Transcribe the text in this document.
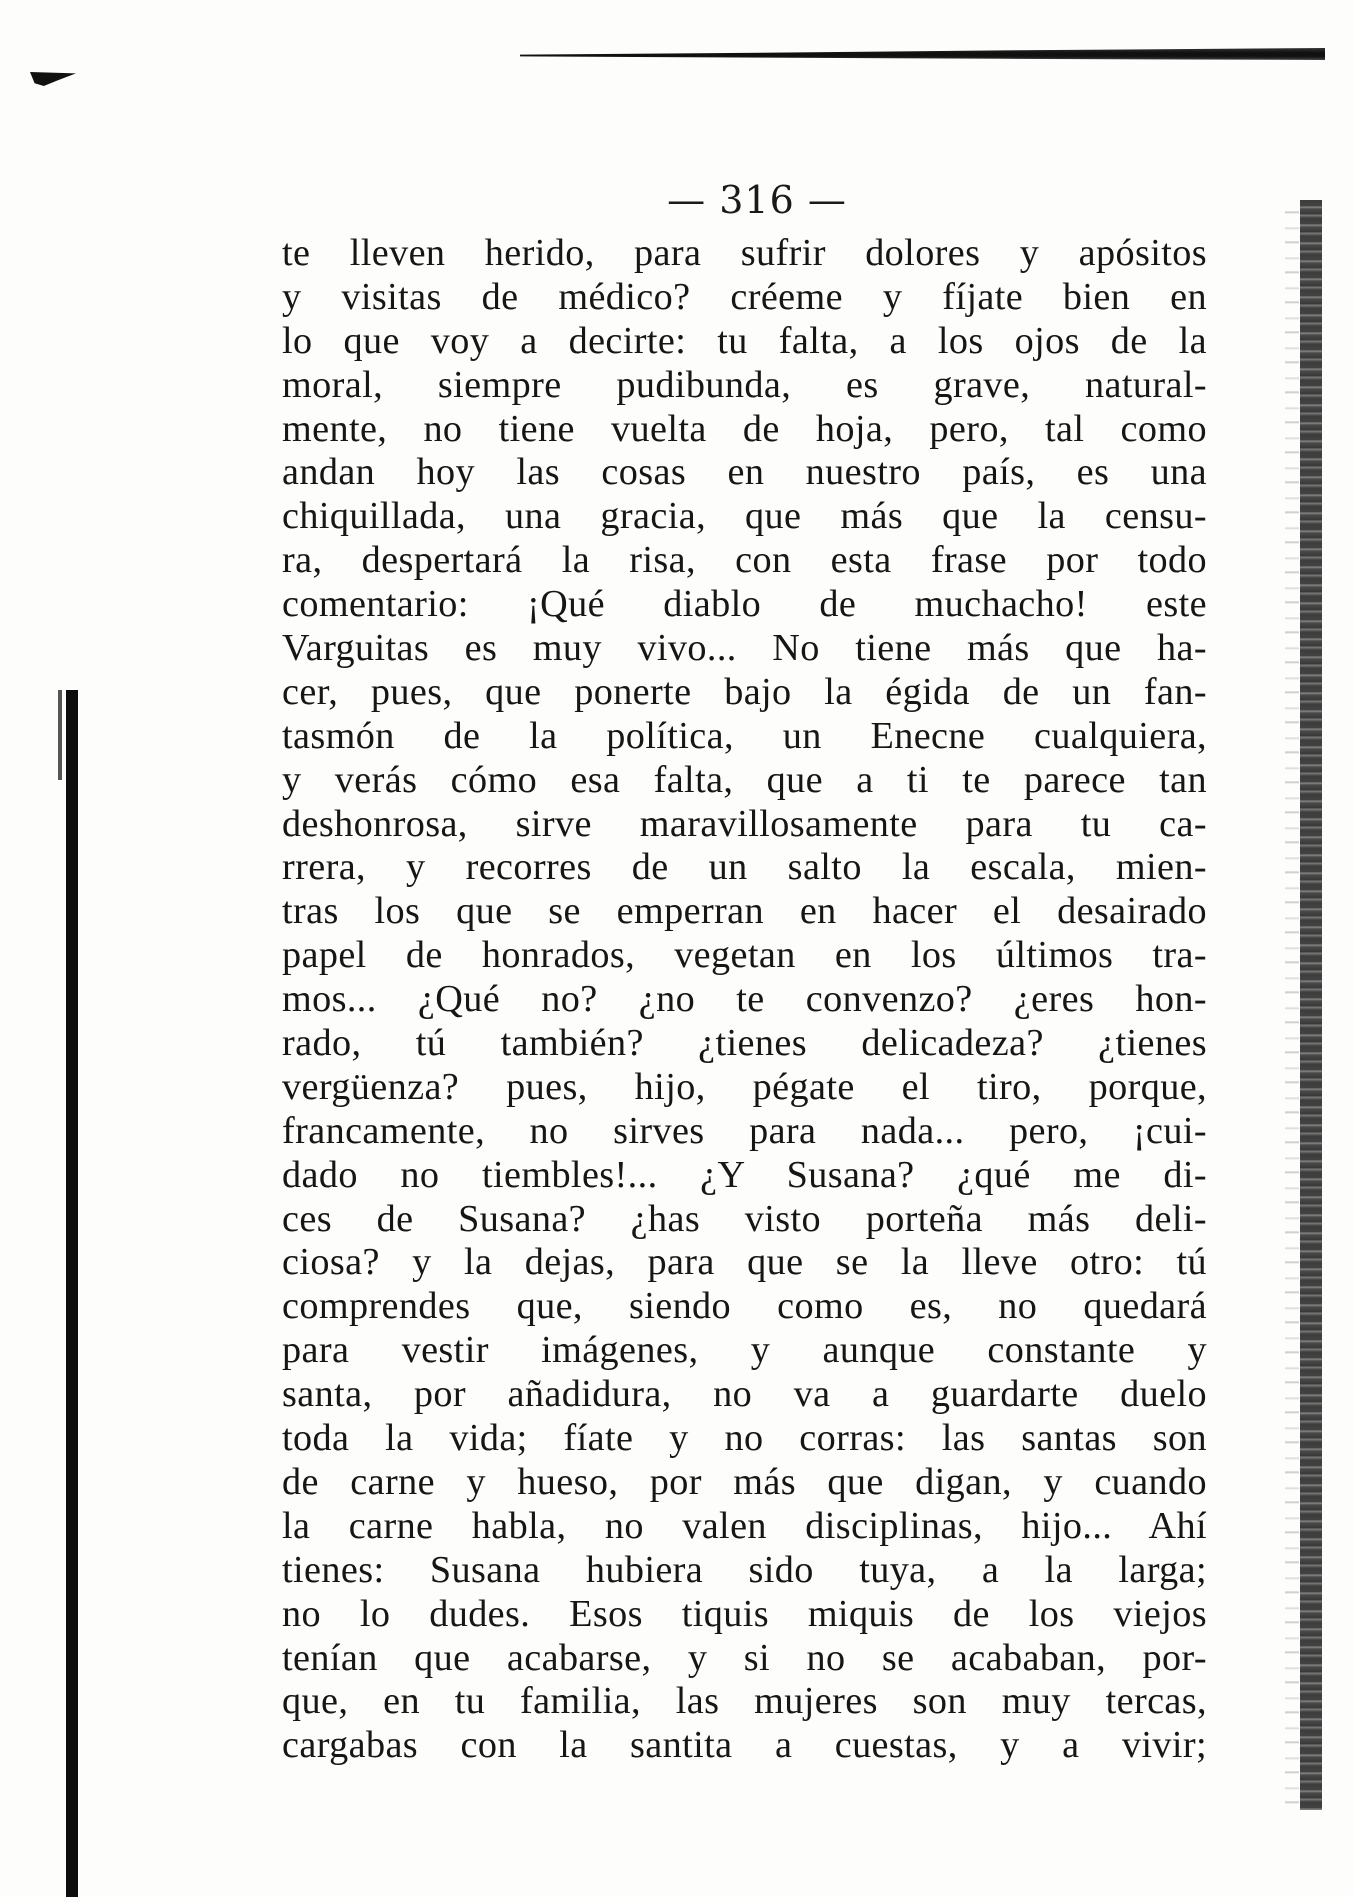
— 316 —
te lleven herido, para sufrir dolores y apósitos
y visitas de médico? créeme y fíjate bien en
lo que voy a decirte: tu falta, a los ojos de la
moral, siempre pudibunda, es grave, natural-
mente, no tiene vuelta de hoja, pero, tal como
andan hoy las cosas en nuestro país, es una
chiquillada, una gracia, que más que la censu-
ra, despertará la risa, con esta frase por todo
comentario: ¡Qué diablo de muchacho! este
Varguitas es muy vivo... No tiene más que ha-
cer, pues, que ponerte bajo la égida de un fan-
tasmón de la política, un Enecne cualquiera,
y verás cómo esa falta, que a ti te parece tan
deshonrosa, sirve maravillosamente para tu ca-
rrera, y recorres de un salto la escala, mien-
tras los que se emperran en hacer el desairado
papel de honrados, vegetan en los últimos tra-
mos... ¿Qué no? ¿no te convenzo? ¿eres hon-
rado, tú también? ¿tienes delicadeza? ¿tienes
vergüenza? pues, hijo, pégate el tiro, porque,
francamente, no sirves para nada... pero, ¡cui-
dado no tiembles!... ¿Y Susana? ¿qué me di-
ces de Susana? ¿has visto porteña más deli-
ciosa? y la dejas, para que se la lleve otro: tú
comprendes que, siendo como es, no quedará
para vestir imágenes, y aunque constante y
santa, por añadidura, no va a guardarte duelo
toda la vida; fíate y no corras: las santas son
de carne y hueso, por más que digan, y cuando
la carne habla, no valen disciplinas, hijo... Ahí
tienes: Susana hubiera sido tuya, a la larga;
no lo dudes. Esos tiquis miquis de los viejos
tenían que acabarse, y si no se acababan, por-
que, en tu familia, las mujeres son muy tercas,
cargabas con la santita a cuestas, y a vivir;
